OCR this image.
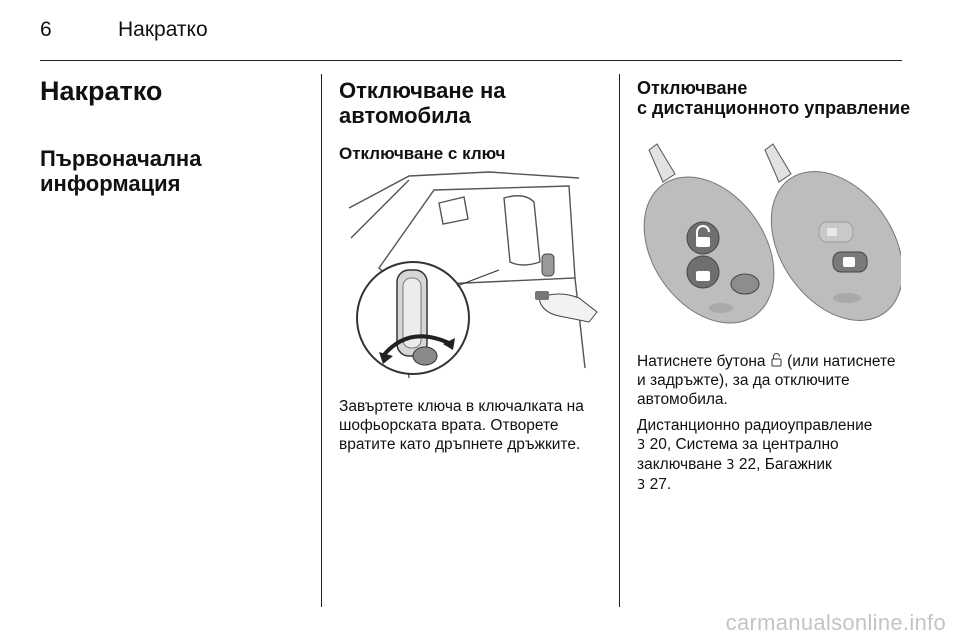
6	Накратко
Накратко
Първоначална
информация
Отключване на
автомобила
Отключване с ключ
Завъртете ключа в ключалката на
шофьорската врата. Отворете
вратите като дръпнете дръжките.
Отключване
с дистанционното управление
Натиснете бутона (или натиснете
и задръжте), за да отключите
автомобила.
Дистанционно радиоуправление
3 20, Система за централно
заключване 3 22, Багажник
3 27.
carmanualsonline.info
